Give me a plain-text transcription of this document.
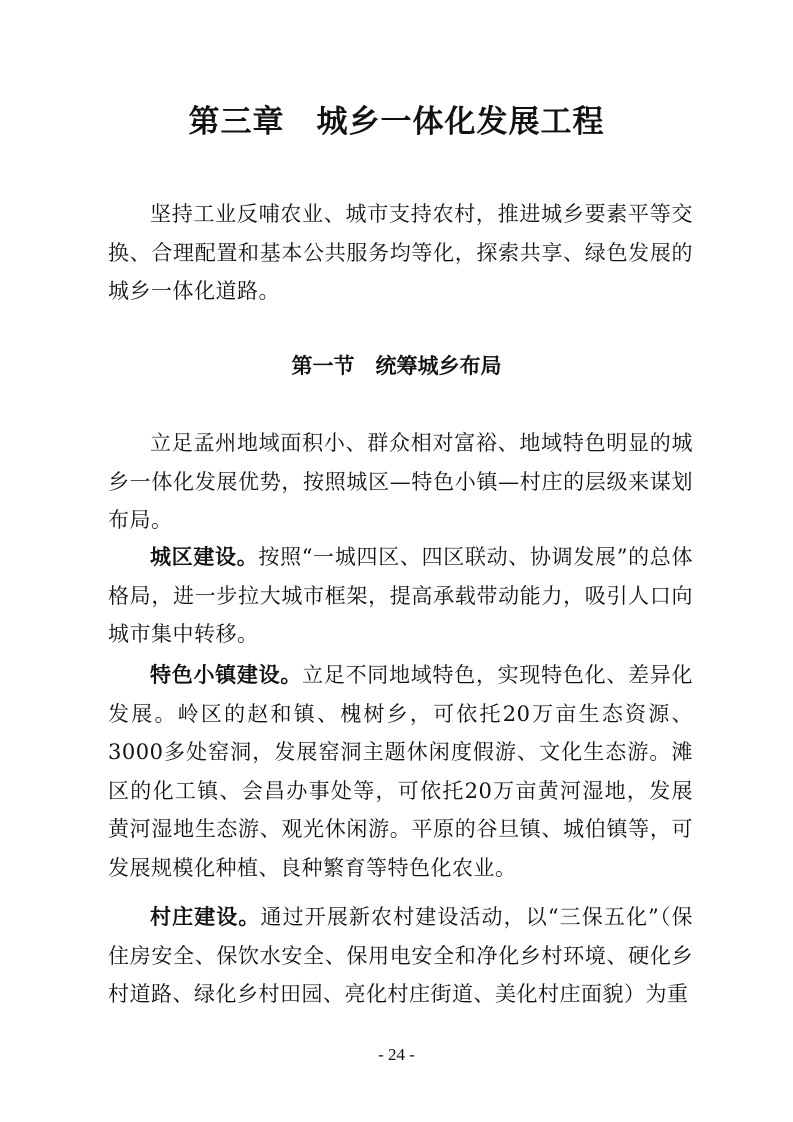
第三章　城乡一体化发展工程

坚持工业反哺农业、城市支持农村，推进城乡要素平等交换、合理配置和基本公共服务均等化，探索共享、绿色发展的城乡一体化道路。

第一节　统筹城乡布局

立足孟州地域面积小、群众相对富裕、地域特色明显的城乡一体化发展优势，按照城区—特色小镇—村庄的层级来谋划布局。

城区建设。按照“一城四区、四区联动、协调发展”的总体格局，进一步拉大城市框架，提高承载带动能力，吸引人口向城市集中转移。

特色小镇建设。立足不同地域特色，实现特色化、差异化发展。岭区的赵和镇、槐树乡，可依托20万亩生态资源、3000多处窑洞，发展窑洞主题休闲度假游、文化生态游。滩区的化工镇、会昌办事处等，可依托20万亩黄河湿地，发展黄河湿地生态游、观光休闲游。平原的谷旦镇、城伯镇等，可发展规模化种植、良种繁育等特色化农业。

村庄建设。通过开展新农村建设活动，以“三保五化”（保住房安全、保饮水安全、保用电安全和净化乡村环境、硬化乡村道路、绿化乡村田园、亮化村庄街道、美化村庄面貌）为重

- 24 -
